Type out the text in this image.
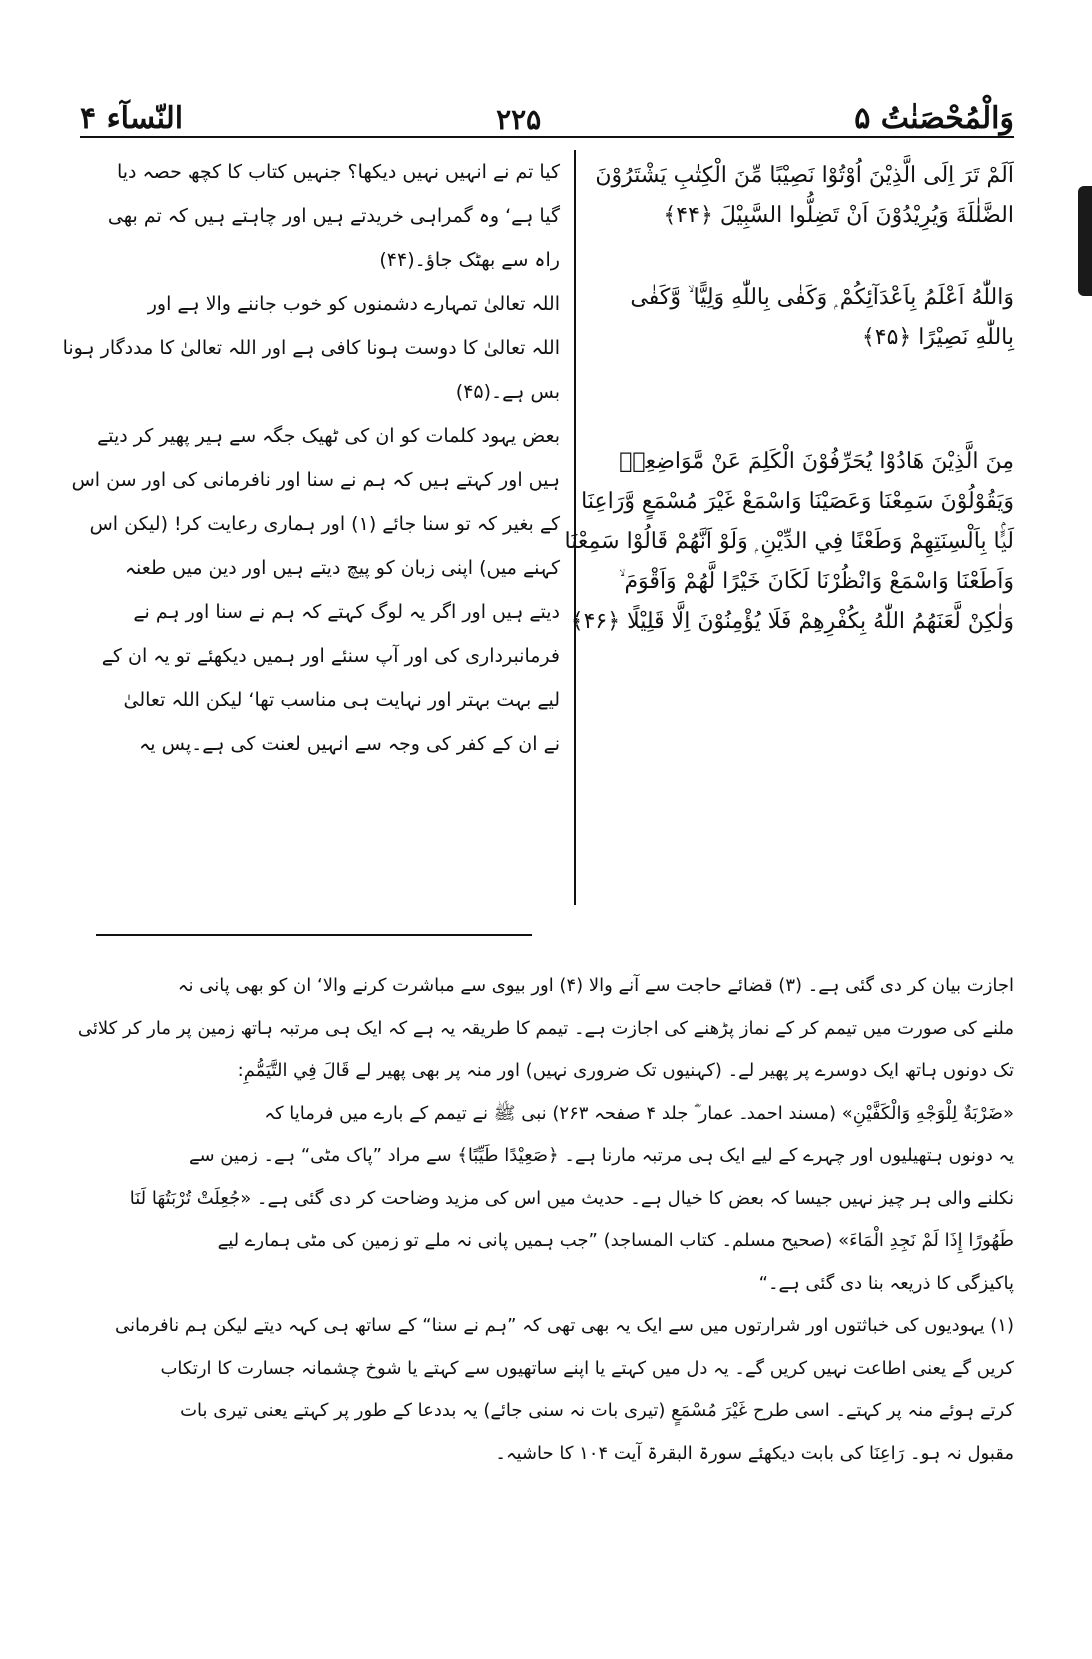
النّسآء ۴	۲۲۵	وَالْمُحْصَنٰتُ ۵
اَلَمْ تَرَ اِلَى الَّذِيْنَ اُوْتُوْا نَصِيْبًا مِّنَ الْكِتٰبِ يَشْتَرُوْنَ
الضَّلٰلَةَ وَيُرِيْدُوْنَ اَنْ تَضِلُّوا السَّبِيْلَ ﴿۴۴﴾
وَاللّٰهُ اَعْلَمُ بِاَعْدَآئِكُمْ ۭ وَكَفٰى بِاللّٰهِ وَلِيًّا ۙ وَّكَفٰى
بِاللّٰهِ نَصِيْرًا ﴿۴۵﴾
مِنَ الَّذِيْنَ هَادُوْا يُحَرِّفُوْنَ الْكَلِمَ عَنْ مَّوَاضِعِهٖ
وَيَقُوْلُوْنَ سَمِعْنَا وَعَصَيْنَا وَاسْمَعْ غَيْرَ مُسْمَعٍ وَّرَاعِنَا
لَيًّۢا بِاَلْسِنَتِهِمْ وَطَعْنًا فِي الدِّيْنِ ۭ وَلَوْ اَنَّھُمْ قَالُوْا سَمِعْنَا
وَاَطَعْنَا وَاسْمَعْ وَانْظُرْنَا لَكَانَ خَيْرًا لَّھُمْ وَاَقْوَمَ ۙ
وَلٰكِنْ لَّعَنَھُمُ اللّٰهُ بِكُفْرِهِمْ فَلَا يُؤْمِنُوْنَ اِلَّا قَلِيْلًا ﴿۴۶﴾
کیا تم نے انہیں نہیں دیکھا؟ جنہیں کتاب کا کچھ حصہ دیا
گیا ہے‘ وہ گمراہی خریدتے ہیں اور چاہتے ہیں کہ تم بھی
راہ سے بھٹک جاؤ۔(۴۴)
اللہ تعالیٰ تمہارے دشمنوں کو خوب جاننے والا ہے اور
اللہ تعالیٰ کا دوست ہونا کافی ہے اور اللہ تعالیٰ کا مددگار ہونا
بس ہے۔(۴۵)
بعض یہود کلمات کو ان کی ٹھیک جگہ سے ہیر پھیر کر دیتے
ہیں اور کہتے ہیں کہ ہم نے سنا اور نافرمانی کی اور سن اس
کے بغیر کہ تو سنا جائے (۱) اور ہماری رعایت کر! (لیکن اس
کہنے میں) اپنی زبان کو پیچ دیتے ہیں اور دین میں طعنہ
دیتے ہیں اور اگر یہ لوگ کہتے کہ ہم نے سنا اور ہم نے
فرمانبرداری کی اور آپ سنئے اور ہمیں دیکھئے تو یہ ان کے
لیے بہت بہتر اور نہایت ہی مناسب تھا‘ لیکن اللہ تعالیٰ
نے ان کے کفر کی وجہ سے انہیں لعنت کی ہے۔پس یہ
اجازت بیان کر دی گئی ہے۔ (۳) قضائے حاجت سے آنے والا (۴) اور بیوی سے مباشرت کرنے والا‘ ان کو بھی پانی نہ
ملنے کی صورت میں تیمم کر کے نماز پڑھنے کی اجازت ہے۔ تیمم کا طریقہ یہ ہے کہ ایک ہی مرتبہ ہاتھ زمین پر مار کر کلائی
تک دونوں ہاتھ ایک دوسرے پر پھیر لے۔ (کہنیوں تک ضروری نہیں) اور منہ پر بھی پھیر لے قَالَ فِي التَّيَمُّمِ:
«ضَرْبَةٌ لِلْوَجْهِ وَالْكَفَّيْنِ» (مسند احمد۔ عمار ؓ جلد ۴ صفحہ ۲۶۳) نبی ﷺ نے تیمم کے بارے میں فرمایا کہ
یہ دونوں ہتھیلیوں اور چہرے کے لیے ایک ہی مرتبہ مارنا ہے۔ ﴿صَعِيْدًا طَيِّبًا﴾ سے مراد ”پاک مٹی“ ہے۔ زمین سے
نکلنے والی ہر چیز نہیں جیسا کہ بعض کا خیال ہے۔ حدیث میں اس کی مزید وضاحت کر دی گئی ہے۔ «جُعِلَتْ تُرْبَتُهَا لَنَا
طَهُورًا إِذَا لَمْ نَجِدِ الْمَاءَ» (صحیح مسلم۔ کتاب المساجد) ”جب ہمیں پانی نہ ملے تو زمین کی مٹی ہمارے لیے
پاکیزگی کا ذریعہ بنا دی گئی ہے۔“
(۱) یہودیوں کی خباثتوں اور شرارتوں میں سے ایک یہ بھی تھی کہ ”ہم نے سنا“ کے ساتھ ہی کہہ دیتے لیکن ہم نافرمانی
کریں گے یعنی اطاعت نہیں کریں گے۔ یہ دل میں کہتے یا اپنے ساتھیوں سے کہتے یا شوخ چشمانہ جسارت کا ارتکاب
کرتے ہوئے منہ پر کہتے۔ اسی طرح غَيْرَ مُسْمَعٍ (تیری بات نہ سنی جائے) یہ بددعا کے طور پر کہتے یعنی تیری بات
مقبول نہ ہو۔ رَاعِنَا کی بابت دیکھئے سورۃ البقرۃ آیت ۱۰۴ کا حاشیہ۔
